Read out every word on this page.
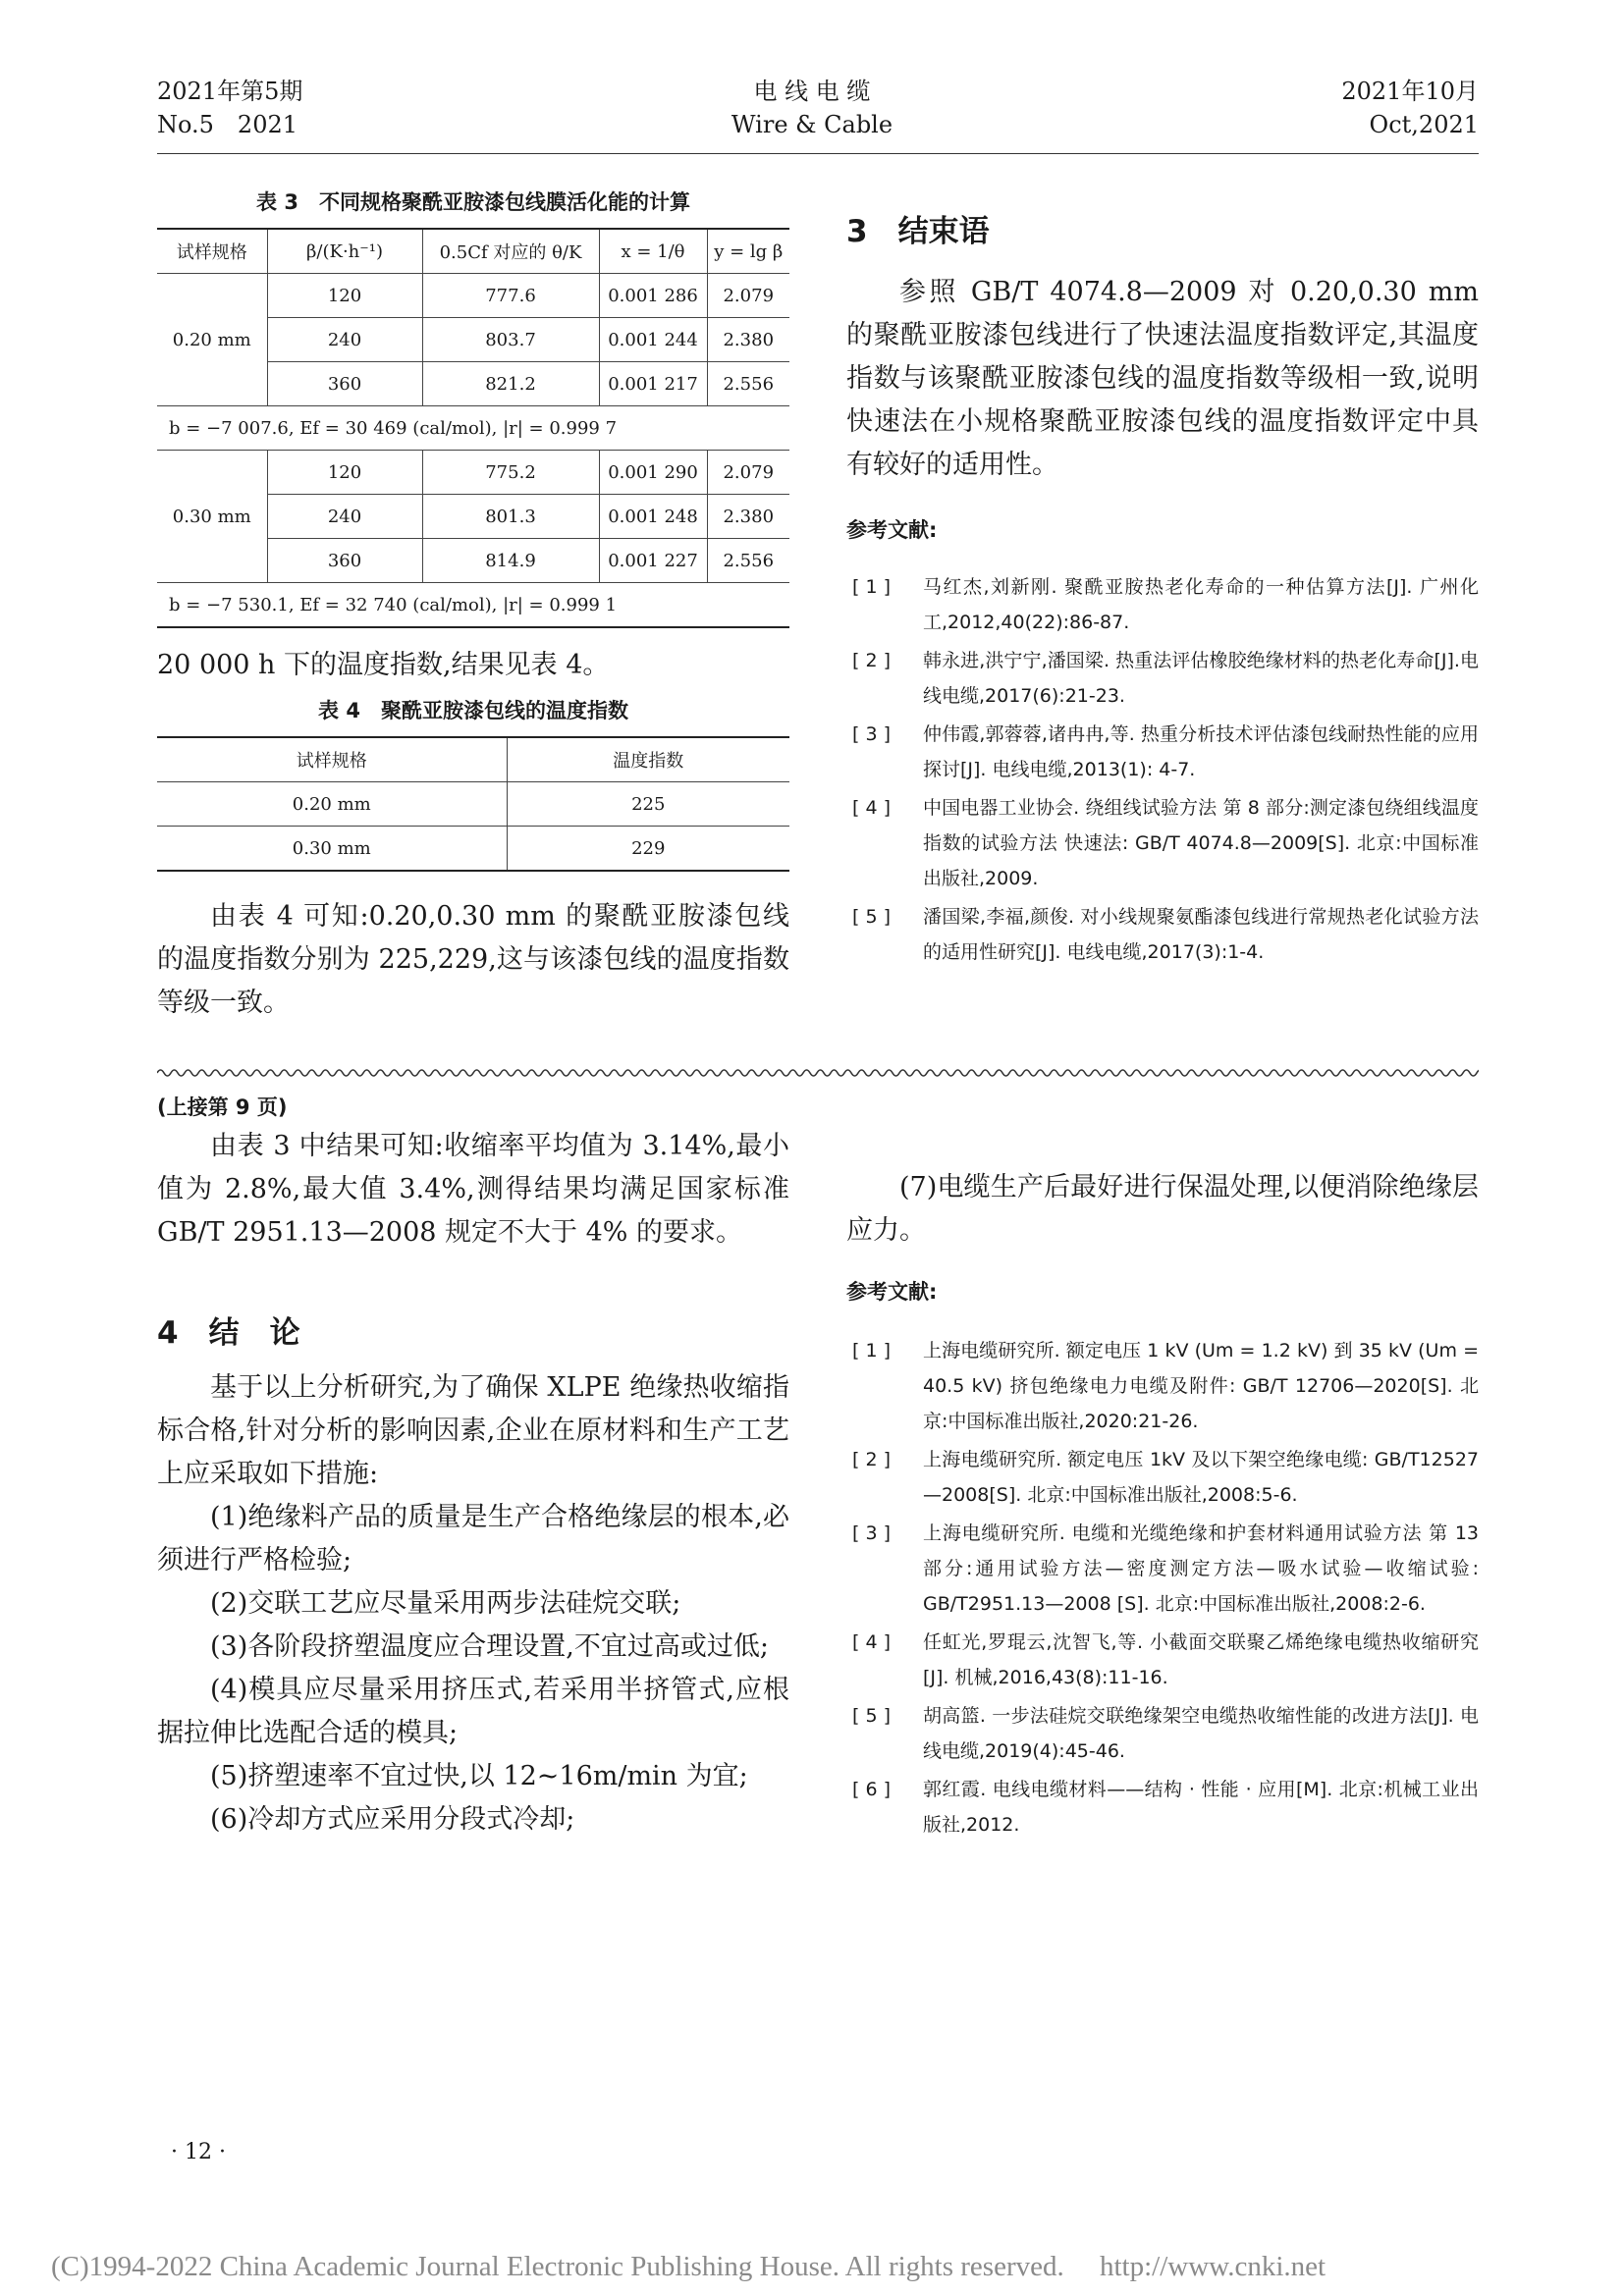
2021年第5期
No.5　2021
电 线 电 缆
Wire & Cable
2021年10月
Oct,2021
表 3　不同规格聚酰亚胺漆包线膜活化能的计算
试样规格	β/(K·h⁻¹)	0.5Cf 对应的 θ/K	x = 1/θ	y = lg β
0.20 mm	120	777.6	0.001 286	2.079
	240	803.7	0.001 244	2.380
	360	821.2	0.001 217	2.556
b = −7 007.6, Ef = 30 469 (cal/mol), |r| = 0.999 7				
0.30 mm	120	775.2	0.001 290	2.079
	240	801.3	0.001 248	2.380
	360	814.9	0.001 227	2.556
b = −7 530.1, Ef = 32 740 (cal/mol), |r| = 0.999 1				
20 000 h 下的温度指数,结果见表 4。
表 4　聚酰亚胺漆包线的温度指数
试样规格	温度指数
0.20 mm	225
0.30 mm	229

由表 4 可知:0.20,0.30 mm 的聚酰亚胺漆包线的温度指数分别为 225,229,这与该漆包线的温度指数等级一致。

3　结束语

参照 GB/T 4074.8—2009 对 0.20,0.30 mm 的聚酰亚胺漆包线进行了快速法温度指数评定,其温度指数与该聚酰亚胺漆包线的温度指数等级相一致,说明快速法在小规格聚酰亚胺漆包线的温度指数评定中具有较好的适用性。

参考文献:
[ 1 ]	马红杰,刘新刚. 聚酰亚胺热老化寿命的一种估算方法[J]. 广州化工,2012,40(22):86-87.
[ 2 ]	韩永进,洪宁宁,潘国梁. 热重法评估橡胶绝缘材料的热老化寿命[J].电线电缆,2017(6):21-23.
[ 3 ]	仲伟霞,郭蓉蓉,诸冉冉,等. 热重分析技术评估漆包线耐热性能的应用探讨[J]. 电线电缆,2013(1): 4-7.
[ 4 ]	中国电器工业协会. 绕组线试验方法 第 8 部分:测定漆包绕组线温度指数的试验方法 快速法: GB/T 4074.8—2009[S]. 北京:中国标准出版社,2009.
[ 5 ]	潘国梁,李福,颜俊. 对小线规聚氨酯漆包线进行常规热老化试验方法的适用性研究[J]. 电线电缆,2017(3):1-4.
(上接第 9 页)

由表 3 中结果可知:收缩率平均值为 3.14%,最小值为 2.8%,最大值 3.4%,测得结果均满足国家标准 GB/T 2951.13—2008 规定不大于 4% 的要求。

4　结　论

基于以上分析研究,为了确保 XLPE 绝缘热收缩指标合格,针对分析的影响因素,企业在原材料和生产工艺上应采取如下措施:

(1)绝缘料产品的质量是生产合格绝缘层的根本,必须进行严格检验;

(2)交联工艺应尽量采用两步法硅烷交联;

(3)各阶段挤塑温度应合理设置,不宜过高或过低;

(4)模具应尽量采用挤压式,若采用半挤管式,应根据拉伸比选配合适的模具;

(5)挤塑速率不宜过快,以 12~16m/min 为宜;

(6)冷却方式应采用分段式冷却;

(7)电缆生产后最好进行保温处理,以便消除绝缘层应力。

参考文献:
[ 1 ]	上海电缆研究所. 额定电压 1 kV (Um = 1.2 kV) 到 35 kV (Um = 40.5 kV) 挤包绝缘电力电缆及附件: GB/T 12706—2020[S]. 北京:中国标准出版社,2020:21-26.
[ 2 ]	上海电缆研究所. 额定电压 1kV 及以下架空绝缘电缆: GB/T12527—2008[S]. 北京:中国标准出版社,2008:5-6.
[ 3 ]	上海电缆研究所. 电缆和光缆绝缘和护套材料通用试验方法 第 13 部分:通用试验方法—密度测定方法—吸水试验—收缩试验: GB/T2951.13—2008 [S]. 北京:中国标准出版社,2008:2-6.
[ 4 ]	任虹光,罗琨云,沈智飞,等. 小截面交联聚乙烯绝缘电缆热收缩研究[J]. 机械,2016,43(8):11-16.
[ 5 ]	胡高篮. 一步法硅烷交联绝缘架空电缆热收缩性能的改进方法[J]. 电线电缆,2019(4):45-46.
[ 6 ]	郭红霞. 电线电缆材料——结构 · 性能 · 应用[M]. 北京:机械工业出版社,2012.
· 12 ·
(C)1994-2022 China Academic Journal Electronic Publishing House. All rights reserved.　 http://www.cnki.net
